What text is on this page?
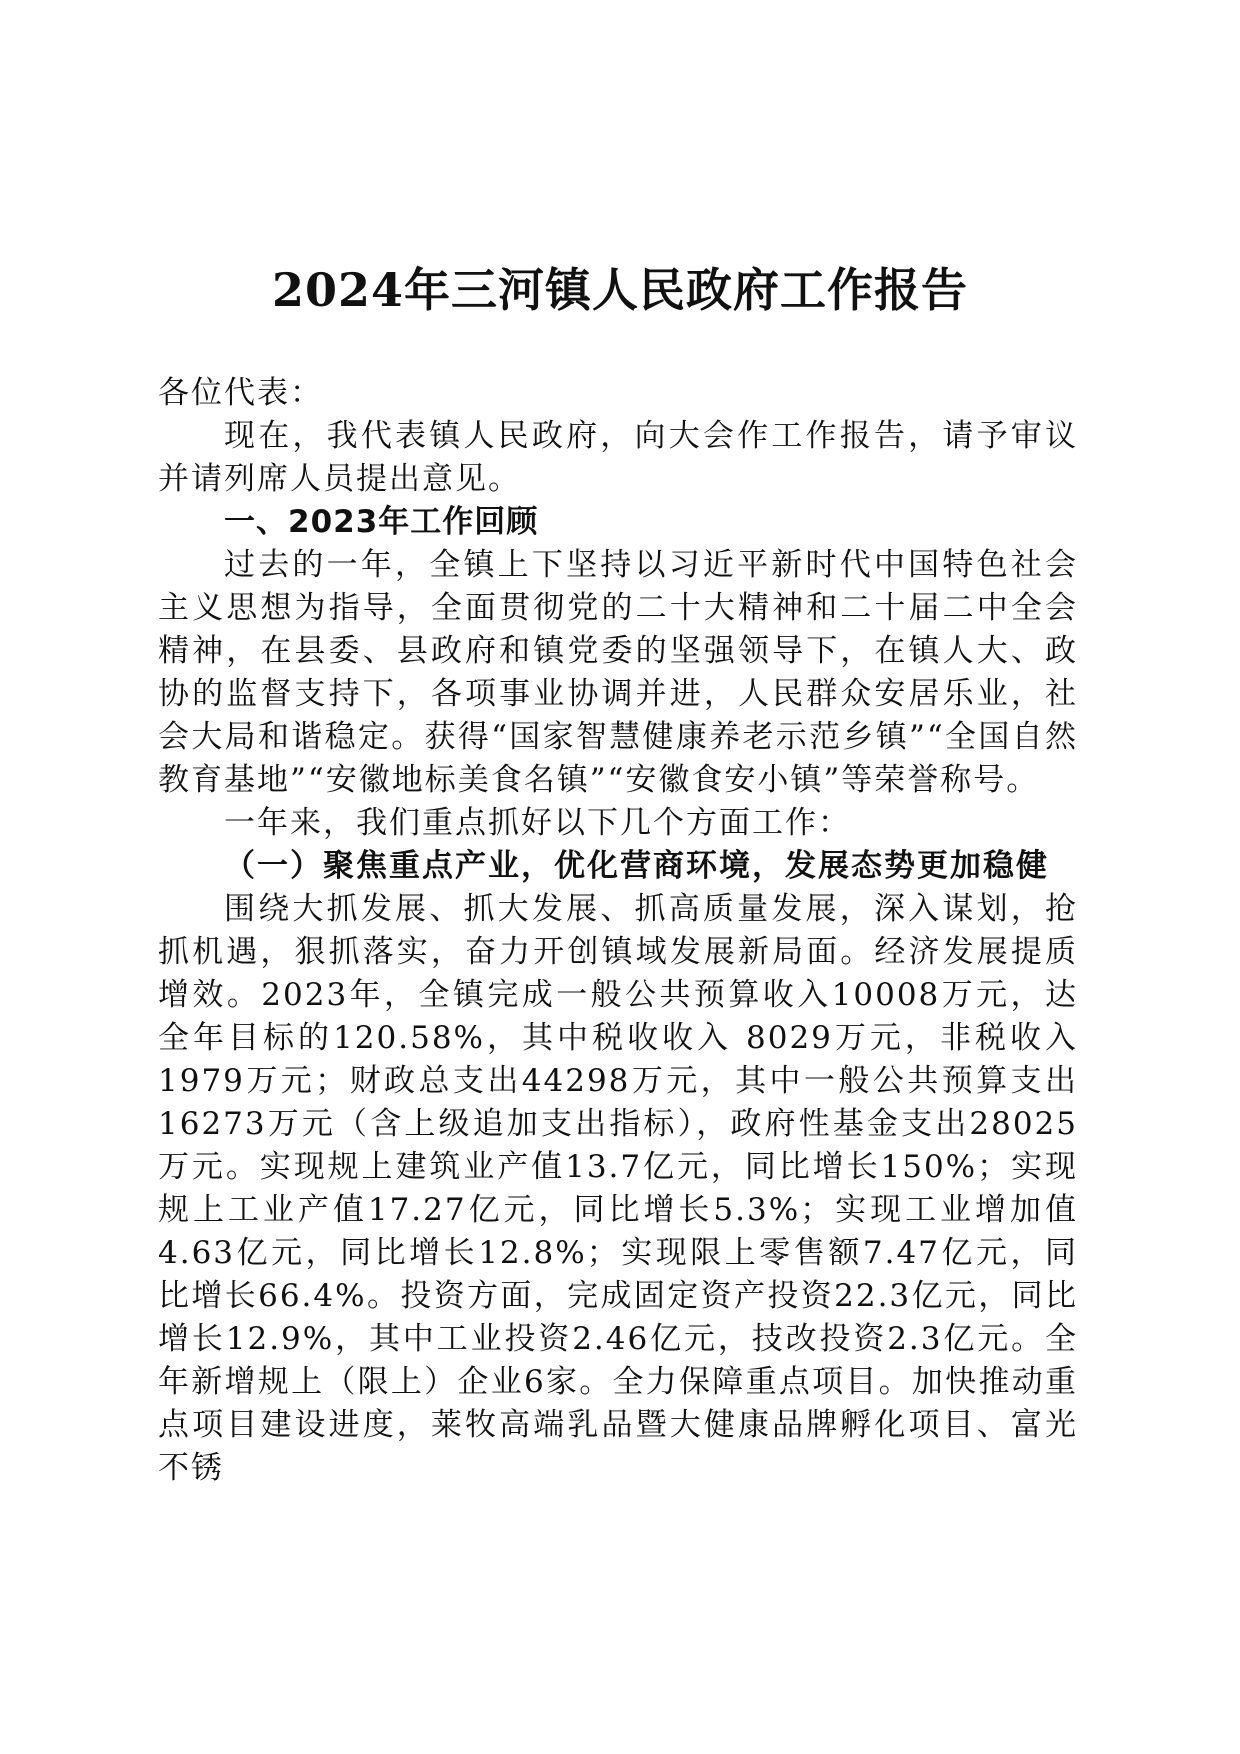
2024年三河镇人民政府工作报告

各位代表：

现在，我代表镇人民政府，向大会作工作报告，请予审议并请列席人员提出意见。

一、2023年工作回顾

过去的一年，全镇上下坚持以习近平新时代中国特色社会主义思想为指导，全面贯彻党的二十大精神和二十届二中全会精神，在县委、县政府和镇党委的坚强领导下，在镇人大、政协的监督支持下，各项事业协调并进，人民群众安居乐业，社会大局和谐稳定。获得“国家智慧健康养老示范乡镇”“全国自然教育基地”“安徽地标美食名镇”“安徽食安小镇”等荣誉称号。

一年来，我们重点抓好以下几个方面工作：

（一）聚焦重点产业，优化营商环境，发展态势更加稳健

围绕大抓发展、抓大发展、抓高质量发展，深入谋划，抢抓机遇，狠抓落实，奋力开创镇域发展新局面。经济发展提质增效。2023年，全镇完成一般公共预算收入10008万元，达全年目标的120.58%，其中税收收入 8029万元，非税收入1979万元；财政总支出44298万元，其中一般公共预算支出16273万元（含上级追加支出指标），政府性基金支出28025万元。实现规上建筑业产值13.7亿元，同比增长150%；实现规上工业产值17.27亿元，同比增长5.3%；实现工业增加值4.63亿元，同比增长12.8%；实现限上零售额7.47亿元，同比增长66.4%。投资方面，完成固定资产投资22.3亿元，同比增长12.9%，其中工业投资2.46亿元，技改投资2.3亿元。全年新增规上（限上）企业6家。全力保障重点项目。加快推动重点项目建设进度，莱牧高端乳品暨大健康品牌孵化项目、富光不锈
